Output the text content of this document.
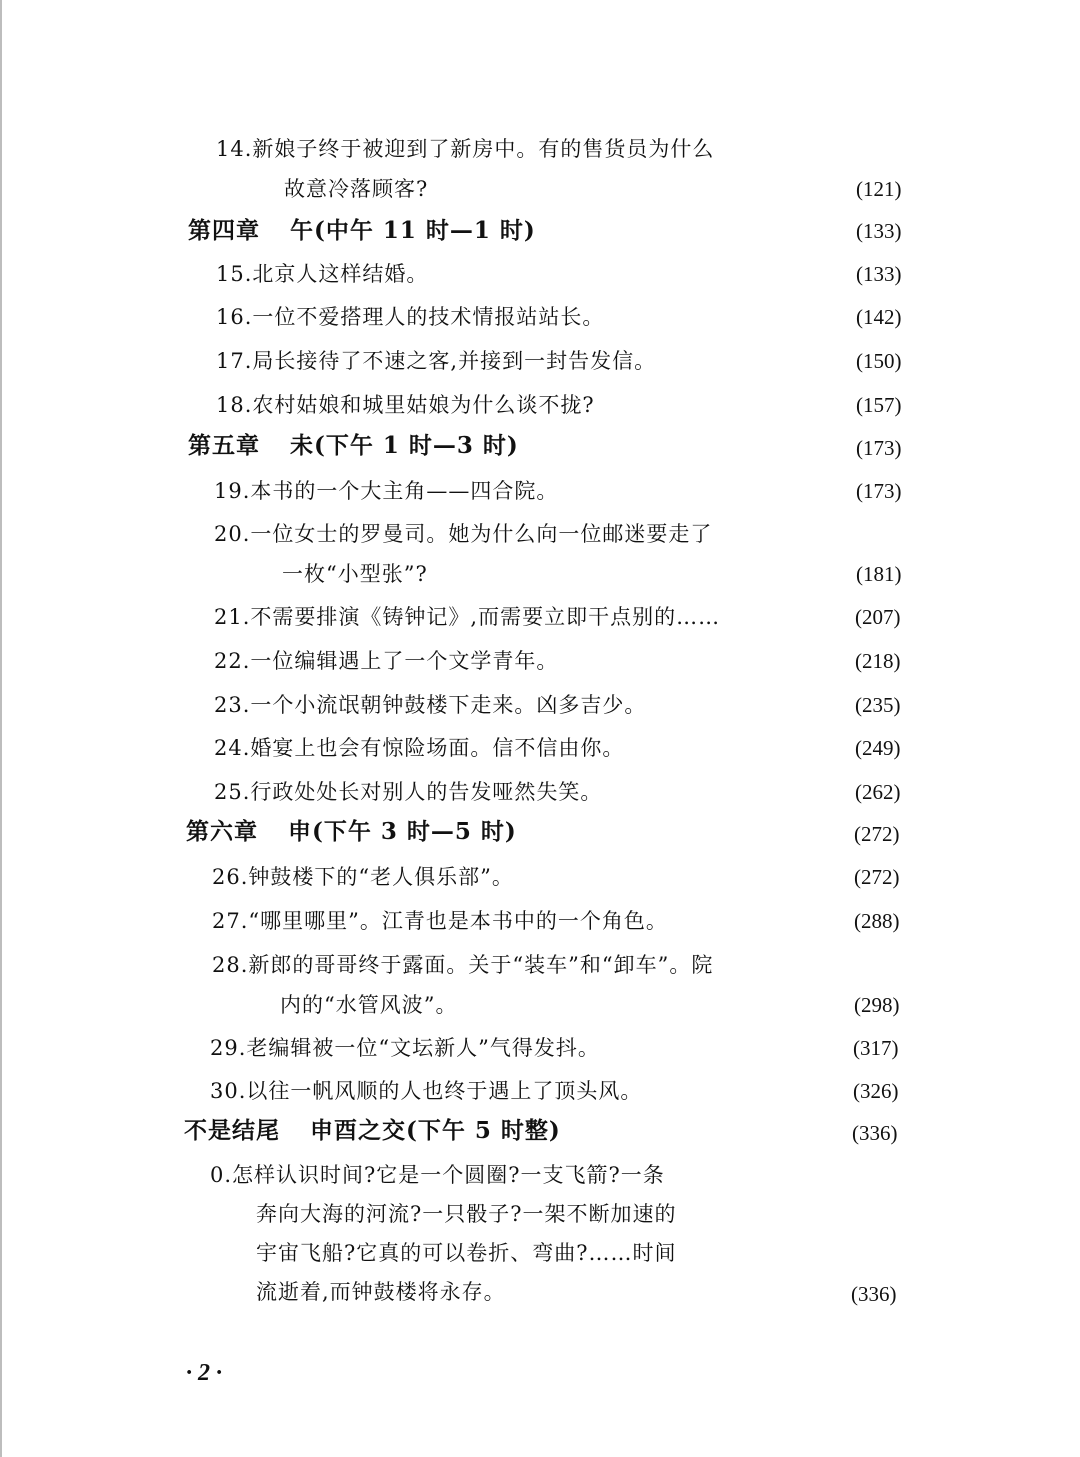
14.新娘子终于被迎到了新房中。有的售货员为什么
故意冷落顾客?	(121)
第四章 午(中午 11 时—1 时)	(133)
15.北京人这样结婚。	(133)
16.一位不爱搭理人的技术情报站站长。	(142)
17.局长接待了不速之客,并接到一封告发信。	(150)
18.农村姑娘和城里姑娘为什么谈不拢?	(157)
第五章 未(下午 1 时—3 时)	(173)
19.本书的一个大主角——四合院。	(173)
20.一位女士的罗曼司。她为什么向一位邮迷要走了
一枚“小型张”?	(181)
21.不需要排演《铸钟记》,而需要立即干点别的……	(207)
22.一位编辑遇上了一个文学青年。	(218)
23.一个小流氓朝钟鼓楼下走来。凶多吉少。	(235)
24.婚宴上也会有惊险场面。信不信由你。	(249)
25.行政处处长对别人的告发哑然失笑。	(262)
第六章 申(下午 3 时—5 时)	(272)
26.钟鼓楼下的“老人俱乐部”。	(272)
27.“哪里哪里”。江青也是本书中的一个角色。	(288)
28.新郎的哥哥终于露面。关于“装车”和“卸车”。院
内的“水管风波”。	(298)
29.老编辑被一位“文坛新人”气得发抖。	(317)
30.以往一帆风顺的人也终于遇上了顶头风。	(326)
不是结尾 申酉之交(下午 5 时整)	(336)
0.怎样认识时间?它是一个圆圈?一支飞箭?一条
奔向大海的河流?一只骰子?一架不断加速的
宇宙飞船?它真的可以卷折、弯曲?……时间
流逝着,而钟鼓楼将永存。	(336)
· 2 ·
